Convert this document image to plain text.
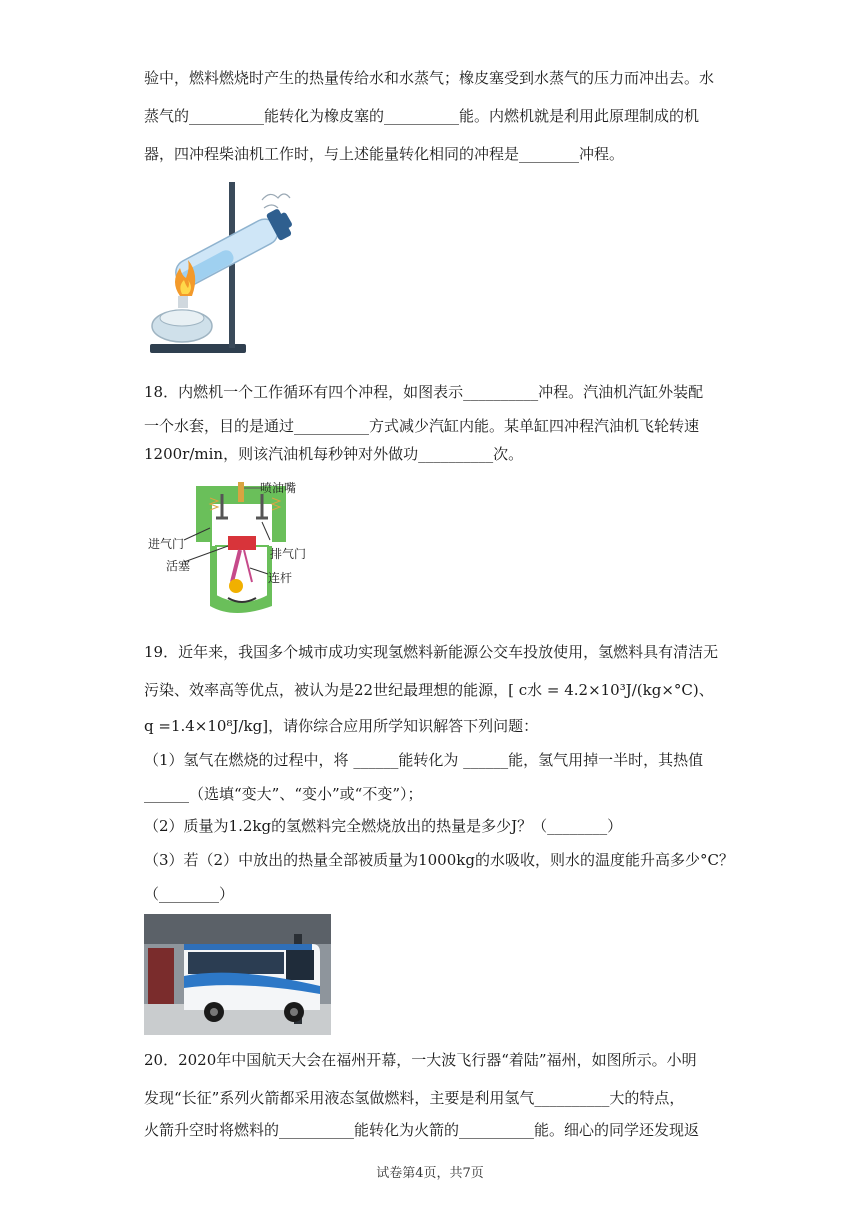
验中，燃料燃烧时产生的热量传给水和水蒸气；橡皮塞受到水蒸气的压力而冲出去。水
蒸气的__________能转化为橡皮塞的__________能。内燃机就是利用此原理制成的机
器，四冲程柴油机工作时，与上述能量转化相同的冲程是________冲程。
18．内燃机一个工作循环有四个冲程，如图表示__________冲程。汽油机汽缸外装配
一个水套，目的是通过__________方式减少汽缸内能。某单缸四冲程汽油机飞轮转速
1200r/min，则该汽油机每秒钟对外做功__________次。
喷油嘴
进气门
排气门
活塞
连杆
19．近年来，我国多个城市成功实现氢燃料新能源公交车投放使用，氢燃料具有清洁无
污染、效率高等优点，被认为是22世纪最理想的能源，[ c水 = 4.2×10³J/(kg×°C)、
q =1.4×10⁸J/kg]，请你综合应用所学知识解答下列问题：
（1）氢气在燃烧的过程中，将 ______能转化为 ______能，氢气用掉一半时，其热值
______（选填“变大”、“变小”或“不变”）；
（2）质量为1.2kg的氢燃料完全燃烧放出的热量是多少J？（________）
（3）若（2）中放出的热量全部被质量为1000kg的水吸收，则水的温度能升高多少°C？
（________）
20．2020年中国航天大会在福州开幕，一大波飞行器“着陆”福州，如图所示。小明
发现“长征”系列火箭都采用液态氢做燃料，主要是利用氢气__________大的特点，
火箭升空时将燃料的__________能转化为火箭的__________能。细心的同学还发现返
试卷第4页，共7页
